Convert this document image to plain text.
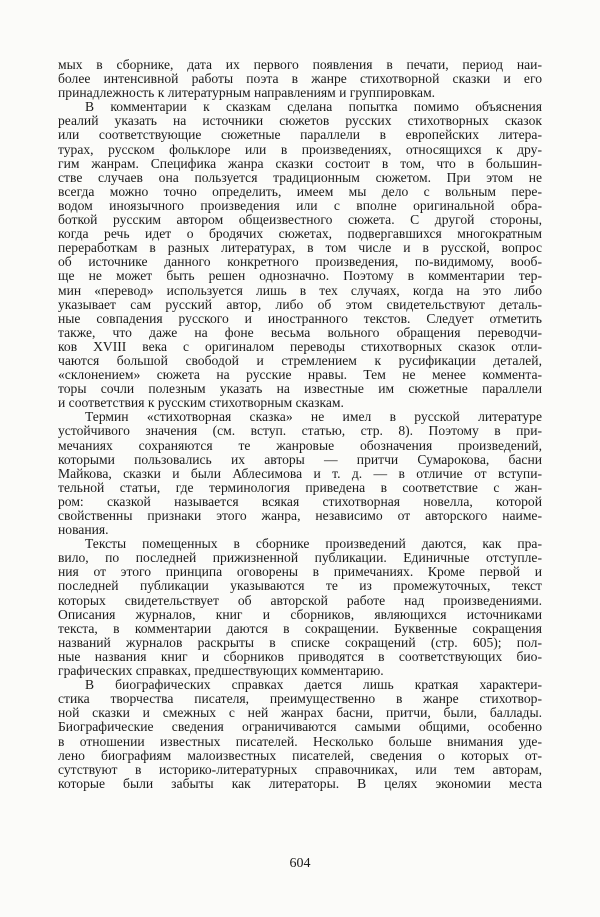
мых в сборнике, дата их первого появления в печати, период наи-
более интенсивной работы поэта в жанре стихотворной сказки и его
принадлежность к литературным направлениям и группировкам.
В комментарии к сказкам сделана попытка помимо объяснения
реалий указать на источники сюжетов русских стихотворных сказок
или соответствующие сюжетные параллели в европейских литера-
турах, русском фольклоре или в произведениях, относящихся к дру-
гим жанрам. Специфика жанра сказки состоит в том, что в большин-
стве случаев она пользуется традиционным сюжетом. При этом не
всегда можно точно определить, имеем мы дело с вольным пере-
водом иноязычного произведения или с вполне оригинальной обра-
боткой русским автором общеизвестного сюжета. С другой стороны,
когда речь идет о бродячих сюжетах, подвергавшихся многократным
переработкам в разных литературах, в том числе и в русской, вопрос
об источнике данного конкретного произведения, по-видимому, вооб-
ще не может быть решен однозначно. Поэтому в комментарии тер-
мин «перевод» используется лишь в тех случаях, когда на это либо
указывает сам русский автор, либо об этом свидетельствуют деталь-
ные совпадения русского и иностранного текстов. Следует отметить
также, что даже на фоне весьма вольного обращения переводчи-
ков XVIII века с оригиналом переводы стихотворных сказок отли-
чаются большой свободой и стремлением к русификации деталей,
«склонением» сюжета на русские нравы. Тем не менее коммента-
торы сочли полезным указать на известные им сюжетные параллели
и соответствия к русским стихотворным сказкам.
Термин «стихотворная сказка» не имел в русской литературе
устойчивого значения (см. вступ. статью, стр. 8). Поэтому в при-
мечаниях сохраняются те жанровые обозначения произведений,
которыми пользовались их авторы — притчи Сумарокова, басни
Майкова, сказки и были Аблесимова и т. д. — в отличие от вступи-
тельной статьи, где терминология приведена в соответствие с жан-
ром: сказкой называется всякая стихотворная новелла, которой
свойственны признаки этого жанра, независимо от авторского наиме-
нования.
Тексты помещенных в сборнике произведений даются, как пра-
вило, по последней прижизненной публикации. Единичные отступле-
ния от этого принципа оговорены в примечаниях. Кроме первой и
последней публикации указываются те из промежуточных, текст
которых свидетельствует об авторской работе над произведениями.
Описания журналов, книг и сборников, являющихся источниками
текста, в комментарии даются в сокращении. Буквенные сокращения
названий журналов раскрыты в списке сокращений (стр. 605); пол-
ные названия книг и сборников приводятся в соответствующих био-
графических справках, предшествующих комментарию.
В биографических справках дается лишь краткая характери-
стика творчества писателя, преимущественно в жанре стихотвор-
ной сказки и смежных с ней жанрах басни, притчи, были, баллады.
Биографические сведения ограничиваются самыми общими, особенно
в отношении известных писателей. Несколько больше внимания уде-
лено биографиям малоизвестных писателей, сведения о которых от-
сутствуют в историко-литературных справочниках, или тем авторам,
которые были забыты как литераторы. В целях экономии места
604
